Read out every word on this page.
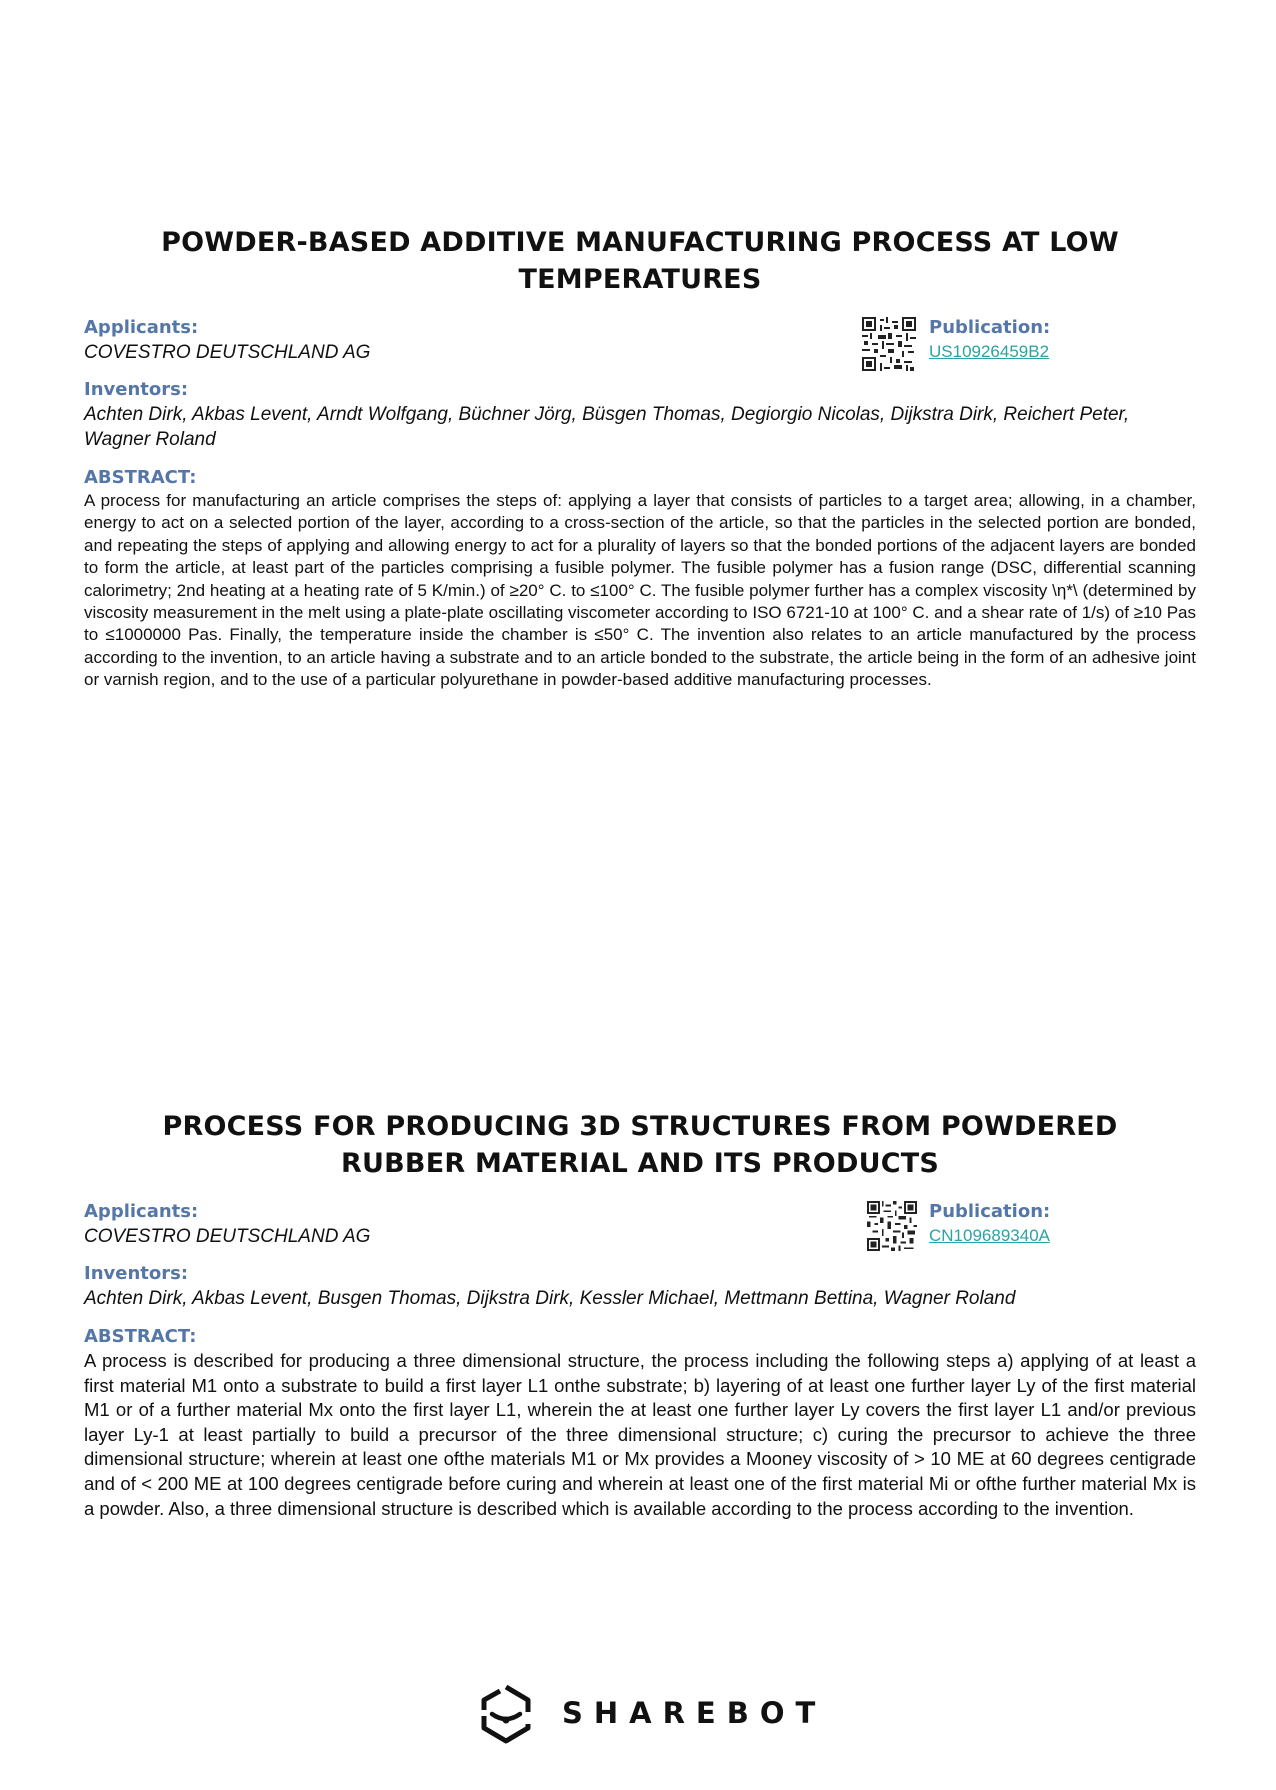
POWDER-BASED ADDITIVE MANUFACTURING PROCESS AT LOW TEMPERATURES
Applicants:
COVESTRO DEUTSCHLAND AG
Publication:
US10926459B2
Inventors:
Achten Dirk, Akbas Levent, Arndt Wolfgang, Büchner Jörg, Büsgen Thomas, Degiorgio Nicolas, Dijkstra Dirk, Reichert Peter, Wagner Roland
ABSTRACT:

A process for manufacturing an article comprises the steps of: applying a layer that consists of particles to a target area; allowing, in a chamber, energy to act on a selected portion of the layer, according to a cross-section of the article, so that the particles in the selected portion are bonded, and repeating the steps of applying and allowing energy to act for a plurality of layers so that the bonded portions of the adjacent layers are bonded to form the article, at least part of the particles comprising a fusible polymer. The fusible polymer has a fusion range (DSC, differential scanning calorimetry; 2nd heating at a heating rate of 5 K/min.) of ≥20° C. to ≤100° C. The fusible polymer further has a complex viscosity \η*\ (determined by viscosity measurement in the melt using a plate-plate oscillating viscometer according to ISO 6721-10 at 100° C. and a shear rate of 1/s) of ≥10 Pas to ≤1000000 Pas. Finally, the temperature inside the chamber is ≤50° C. The invention also relates to an article manufactured by the process according to the invention, to an article having a substrate and to an article bonded to the substrate, the article being in the form of an adhesive joint or varnish region, and to the use of a particular polyurethane in powder-based additive manufacturing processes.

PROCESS FOR PRODUCING 3D STRUCTURES FROM POWDERED RUBBER MATERIAL AND ITS PRODUCTS
Applicants:
COVESTRO DEUTSCHLAND AG
Publication:
CN109689340A
Inventors:
Achten Dirk, Akbas Levent, Busgen Thomas, Dijkstra Dirk, Kessler Michael, Mettmann Bettina, Wagner Roland
ABSTRACT:

A process is described for producing a three dimensional structure, the process including the following steps a) applying of at least a first material M1 onto a substrate to build a first layer L1 onthe substrate; b) layering of at least one further layer Ly of the first material M1 or of a further material Mx onto the first layer L1, wherein the at least one further layer Ly covers the first layer L1 and/or previous layer Ly-1 at least partially to build a precursor of the three dimensional structure; c) curing the precursor to achieve the three dimensional structure; wherein at least one ofthe materials M1 or Mx provides a Mooney viscosity of > 10 ME at 60 degrees centigrade and of < 200 ME at 100 degrees centigrade before curing and wherein at least one of the first material Mi or ofthe further material Mx is a powder. Also, a three dimensional structure is described which is available according to the process according to the invention.

SHAREBOT
